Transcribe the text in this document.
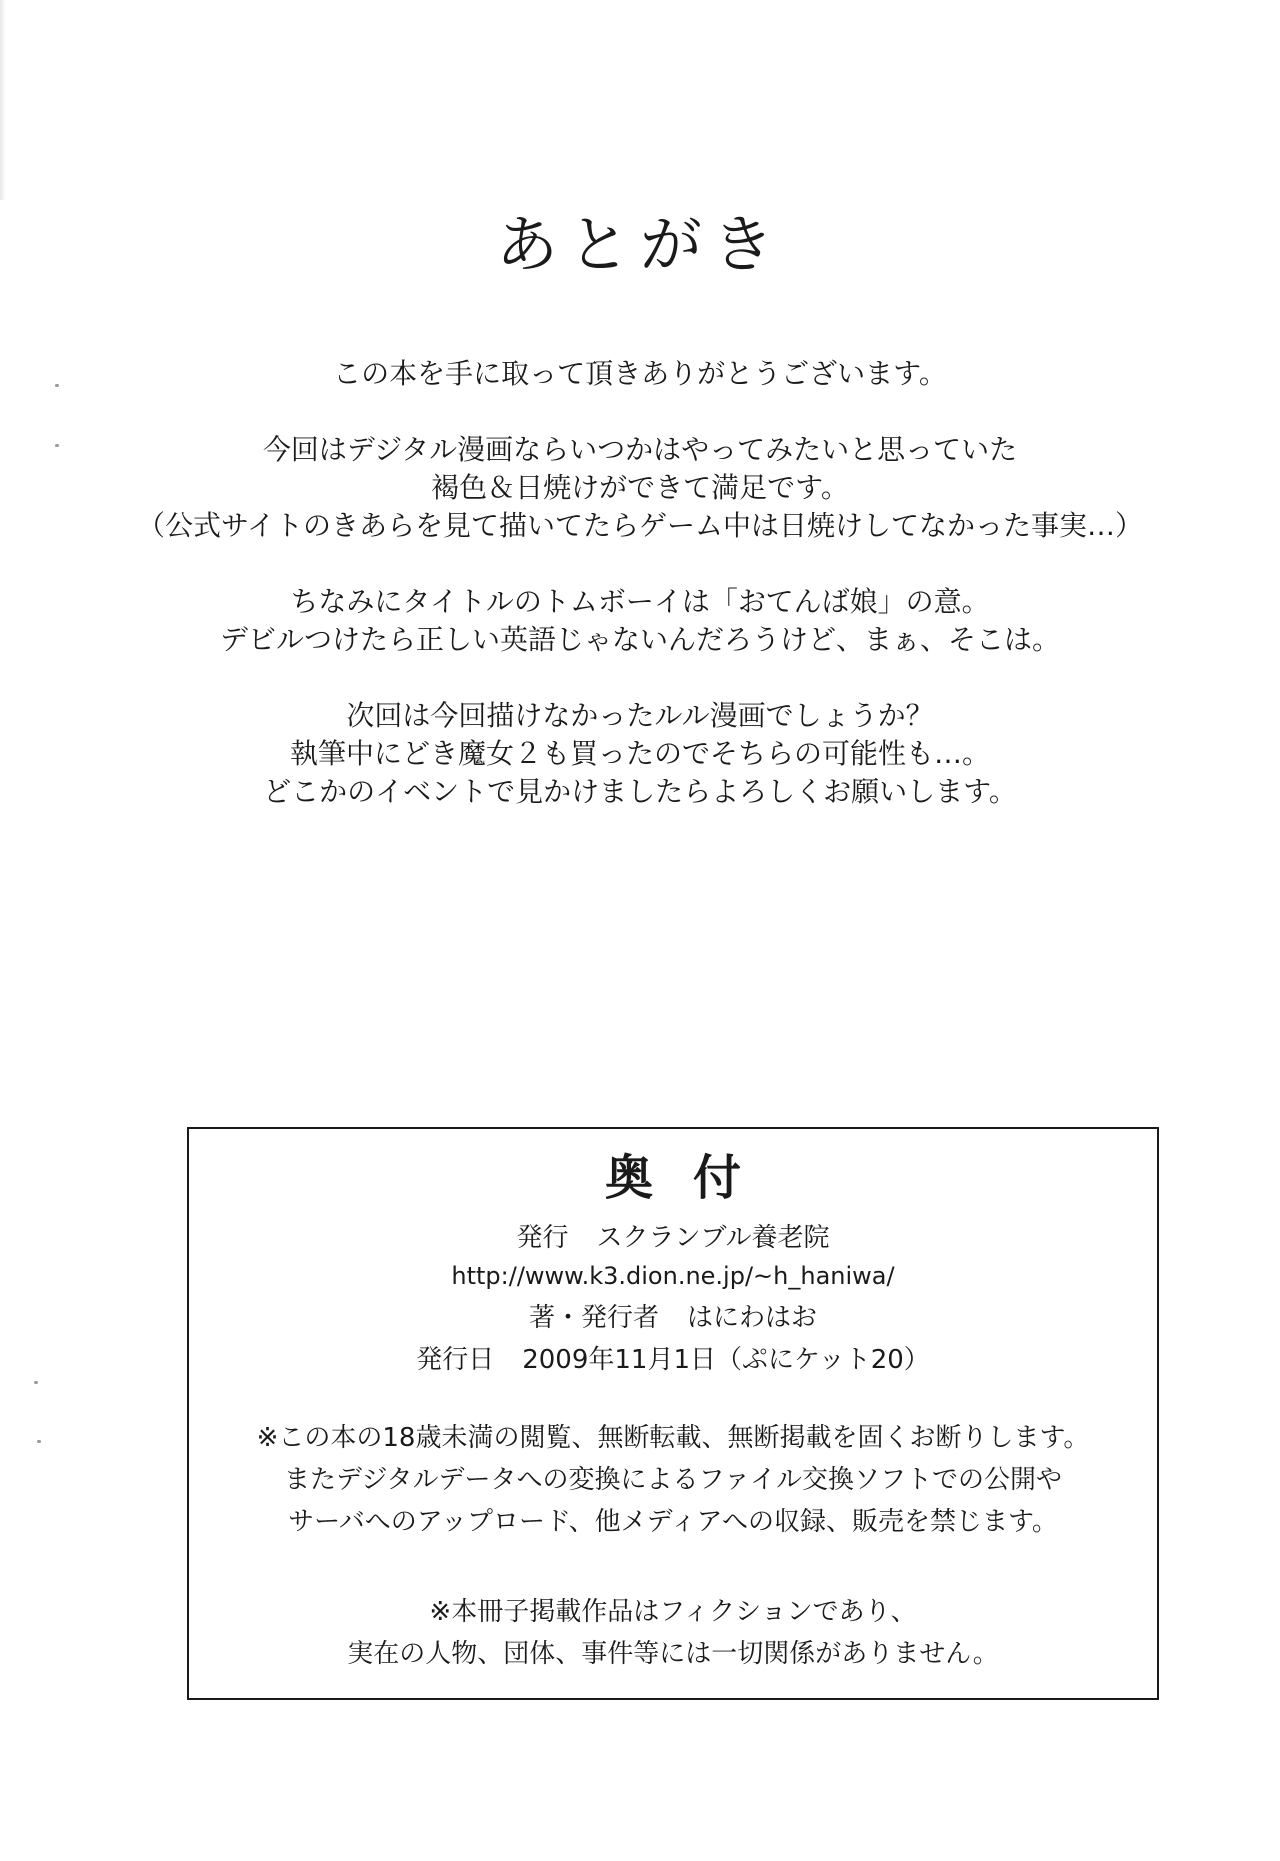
あとがき
この本を手に取って頂きありがとうございます。
今回はデジタル漫画ならいつかはやってみたいと思っていた
褐色＆日焼けができて満足です。
（公式サイトのきあらを見て描いてたらゲーム中は日焼けしてなかった事実…）
ちなみにタイトルのトムボーイは「おてんば娘」の意。
デビルつけたら正しい英語じゃないんだろうけど、まぁ、そこは。
次回は今回描けなかったルル漫画でしょうか？
執筆中にどき魔女２も買ったのでそちらの可能性も…。
どこかのイベントで見かけましたらよろしくお願いします。
奥付
発行 スクランブル養老院
http://www.k3.dion.ne.jp/~h_haniwa/
著・発行者 はにわはお
発行日 2009年11月1日（ぷにケット20）
※この本の18歳未満の閲覧、無断転載、無断掲載を固くお断りします。
またデジタルデータへの変換によるファイル交換ソフトでの公開や
サーバへのアップロード、他メディアへの収録、販売を禁じます。
※本冊子掲載作品はフィクションであり、
実在の人物、団体、事件等には一切関係がありません。
